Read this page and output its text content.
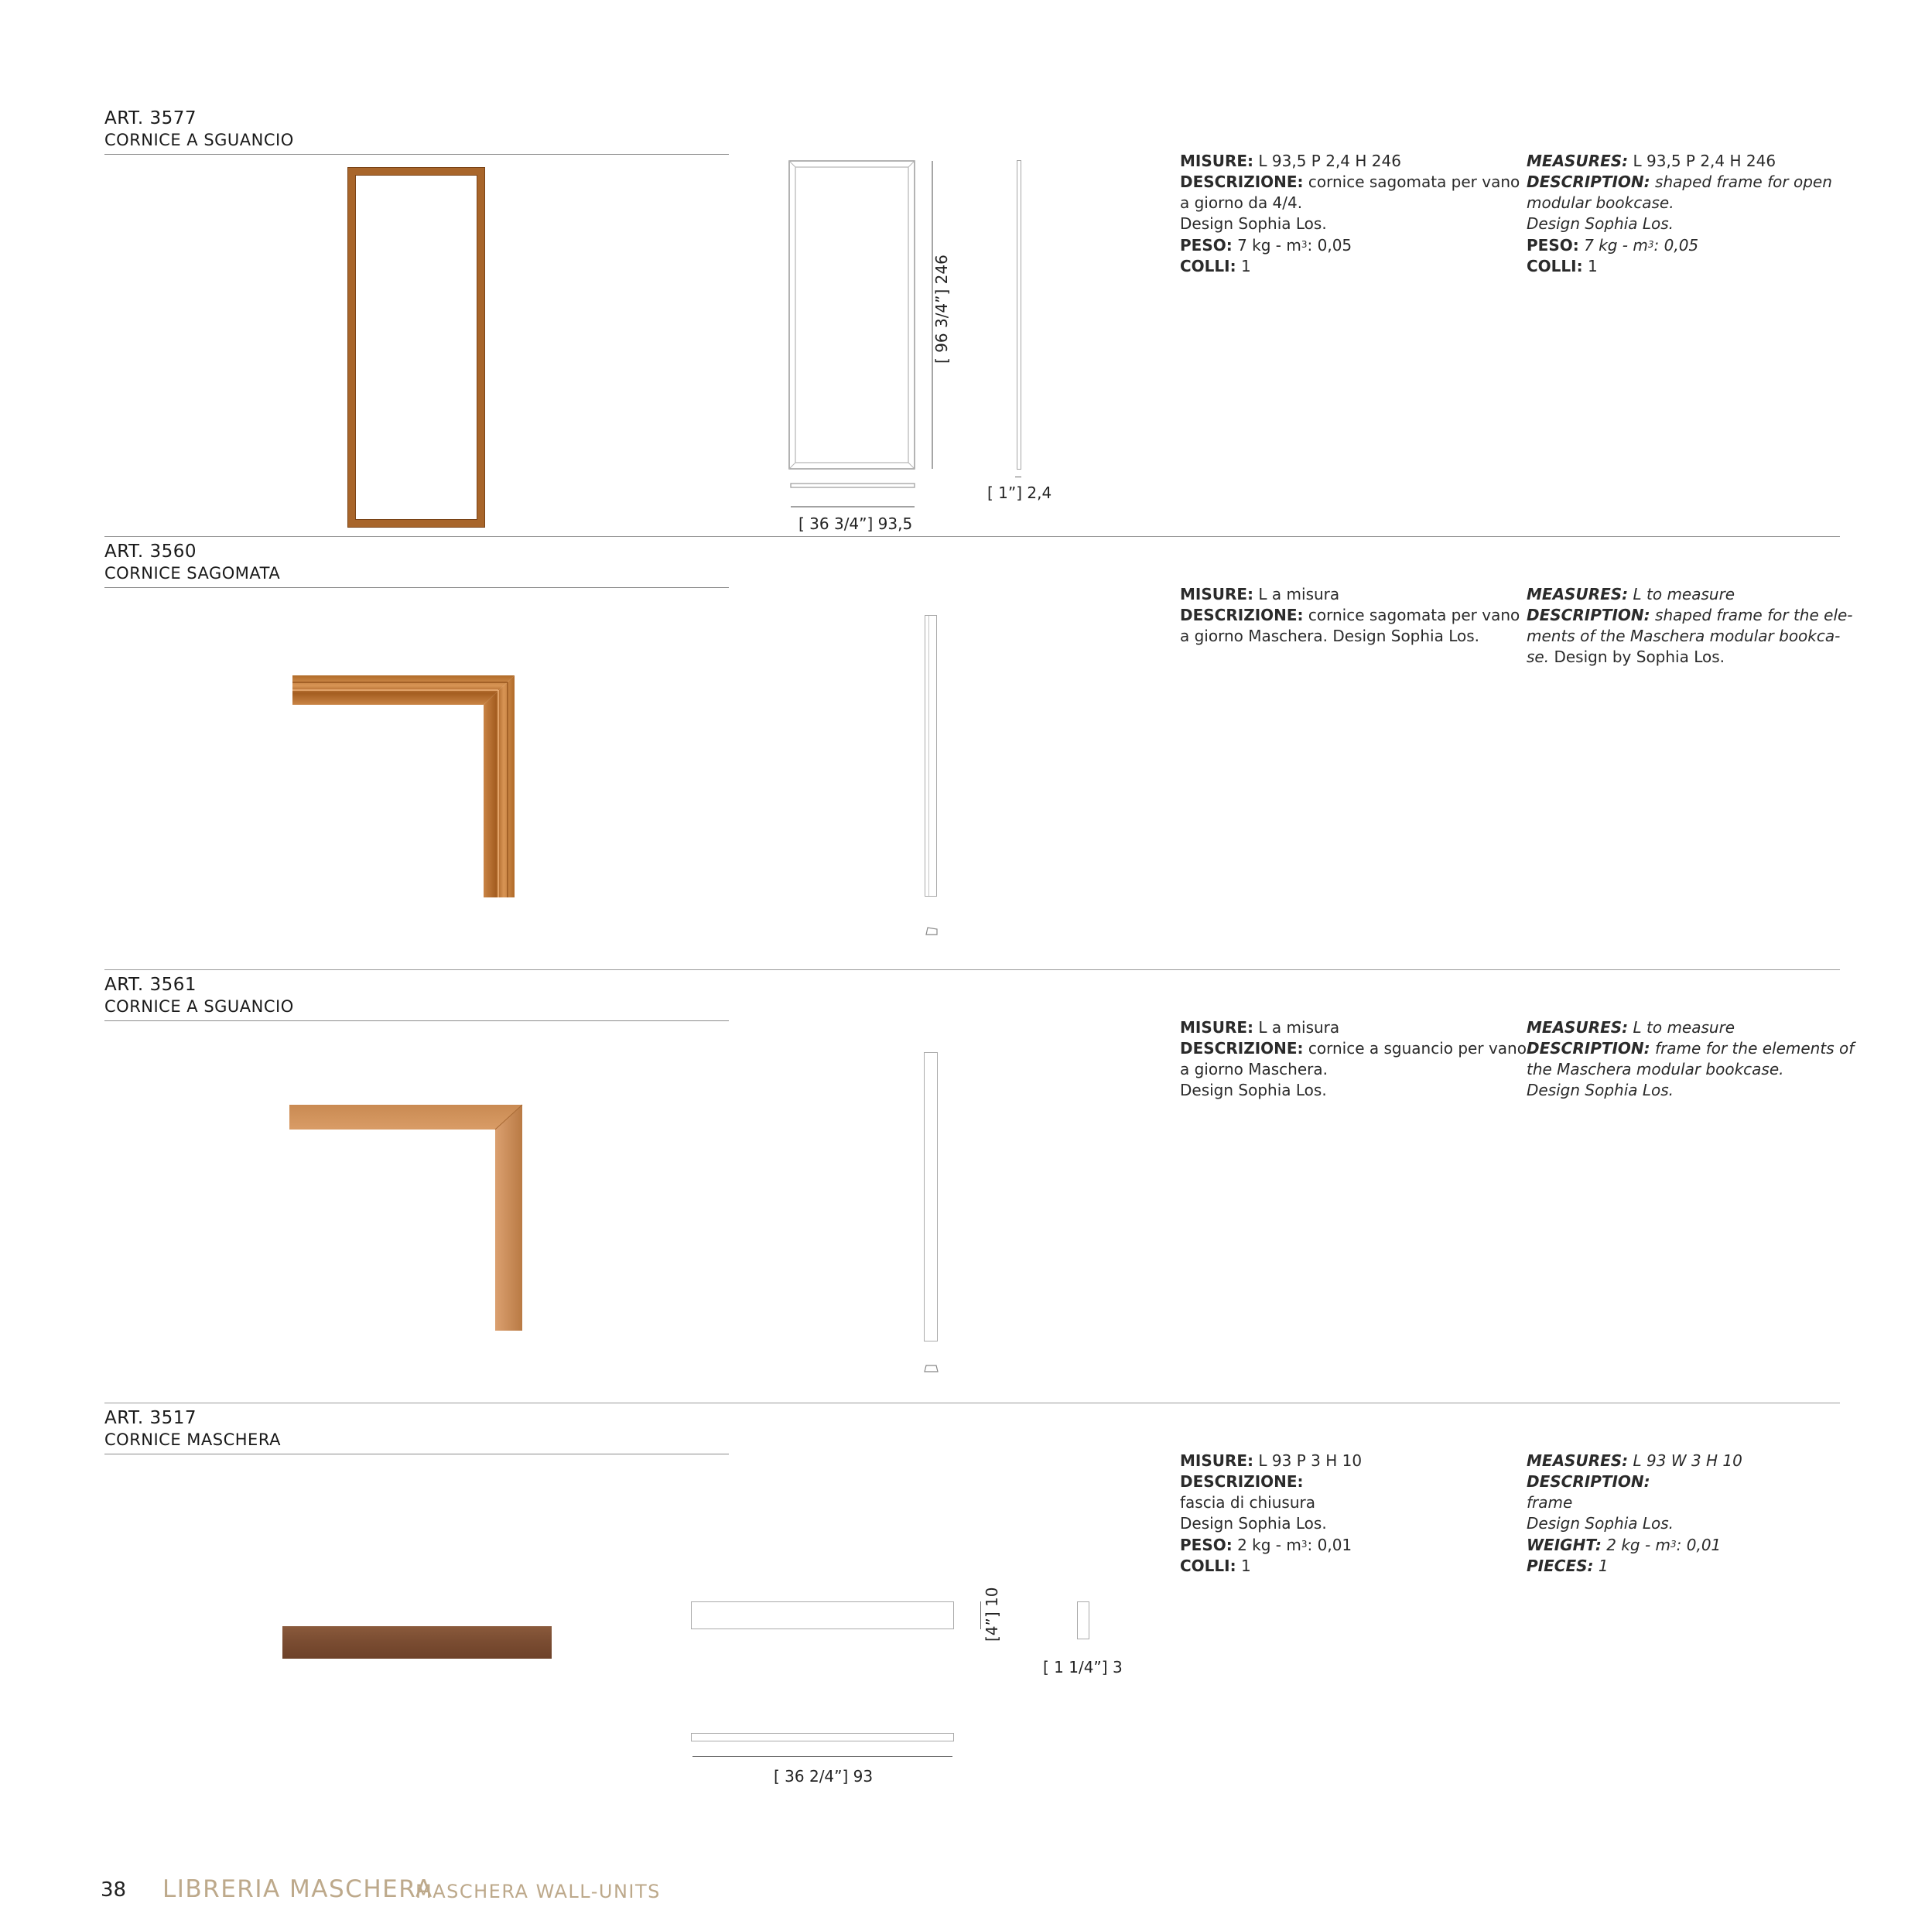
ART. 3577
CORNICE A SGUANCIO
[ 96 3/4”] 246
[ 36 3/4”] 93,5
[ 1”] 2,4
MISURE: L 93,5 P 2,4 H 246
DESCRIZIONE: cornice sagomata per vano
a giorno da 4/4.
Design Sophia Los.
PESO: 7 kg - $m^3$: 0,05
COLLI: 1
MEASURES: L 93,5 P 2,4 H 246
DESCRIPTION: shaped frame for open
modular bookcase.
Design Sophia Los.
PESO: 7 kg - $m^3$: 0,05
COLLI: 1
ART. 3560
CORNICE SAGOMATA
MISURE: L a misura
DESCRIZIONE: cornice sagomata per vano
a giorno Maschera. Design Sophia Los.
MEASURES: L to measure
DESCRIPTION: shaped frame for the ele-
ments of the Maschera modular bookca-
se. Design by Sophia Los.
ART. 3561
CORNICE A SGUANCIO
MISURE: L a misura
DESCRIZIONE: cornice a sguancio per vano
a giorno Maschera.
Design Sophia Los.
MEASURES: L to measure
DESCRIPTION: frame for the elements of
the Maschera modular bookcase.
Design Sophia Los.
ART. 3517
CORNICE MASCHERA
[4”] 10
[ 1 1/4”] 3
[ 36 2/4”] 93
MISURE: L 93 P 3 H 10
DESCRIZIONE:
fascia di chiusura
Design Sophia Los.
PESO: 2 kg - $m^3$: 0,01
COLLI: 1
MEASURES: L 93 W 3 H 10
DESCRIPTION:
frame
Design Sophia Los.
WEIGHT: 2 kg - $m^3$: 0,01
PIECES: 1
38 LIBRERIA MASCHERA
MASCHERA WALL-UNITS
